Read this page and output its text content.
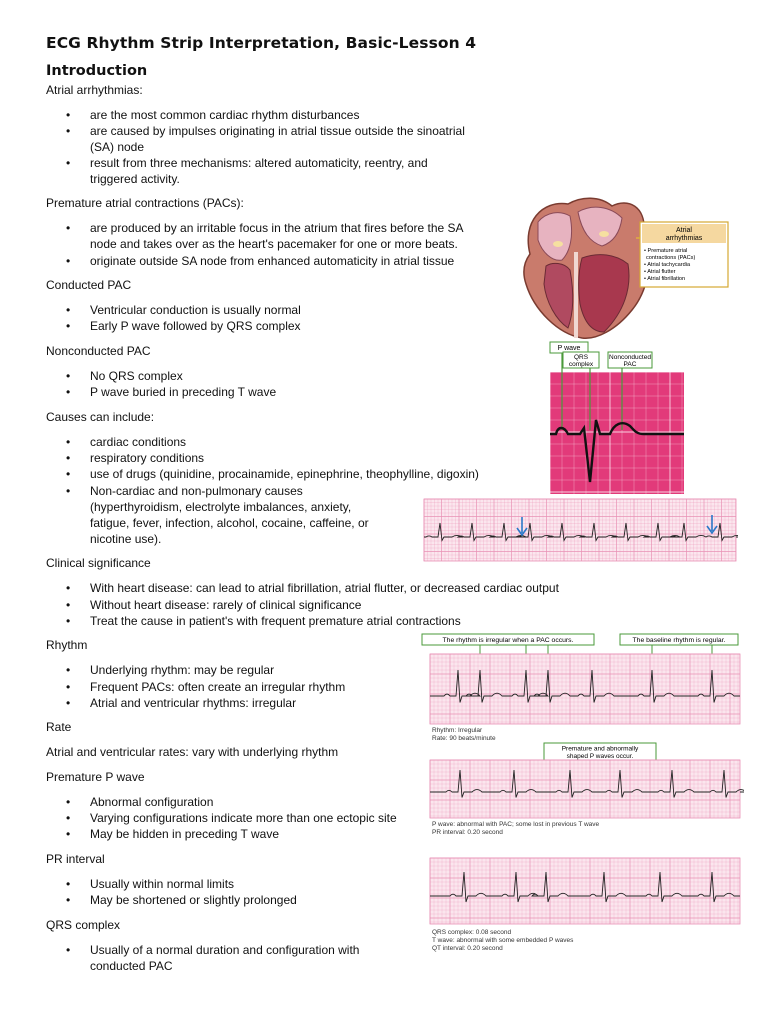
ECG Rhythm Strip Interpretation, Basic-Lesson 4
Introduction
Atrial arrhythmias:
• are the most common cardiac rhythm disturbances
• are caused by impulses originating in atrial tissue outside the sinoatrial
(SA) node
• result from three mechanisms: altered automaticity, reentry, and
triggered activity.
Premature atrial contractions (PACs):
• are produced by an irritable focus in the atrium that fires before the SA
node and takes over as the heart's pacemaker for one or more beats.
• originate outside SA node from enhanced automaticity in atrial tissue
Conducted PAC
• Ventricular conduction is usually normal
• Early P wave followed by QRS complex
Nonconducted PAC
• No QRS complex
• P wave buried in preceding T wave
Causes can include:
• cardiac conditions
• respiratory conditions
• use of drugs (quinidine, procainamide, epinephrine, theophylline, digoxin)
• Non-cardiac and non-pulmonary causes
(hyperthyroidism, electrolyte imbalances, anxiety,
fatigue, fever, infection, alcohol, cocaine, caffeine, or
nicotine use).
Clinical significance
• With heart disease: can lead to atrial fibrillation, atrial flutter, or decreased cardiac output
• Without heart disease: rarely of clinical significance
• Treat the cause in patient's with frequent premature atrial contractions
Rhythm
• Underlying rhythm: may be regular
• Frequent PACs: often create an irregular rhythm
• Atrial and ventricular rhythms: irregular
Rate
Atrial and ventricular rates: vary with underlying rhythm
Premature P wave
• Abnormal configuration
• Varying configurations indicate more than one ectopic site
• May be hidden in preceding T wave
PR interval
• Usually within normal limits
• May be shortened or slightly prolonged
QRS complex
• Usually of a normal duration and configuration with
conducted PAC
Atrial
arrhythmias
• Premature atrial
contractions (PACs)
• Atrial tachycardia
• Atrial flutter
• Atrial fibrillation
P wave
QRS
complex
Nonconducted
PAC
The rhythm is irregular when a PAC occurs.	The baseline rhythm is regular.
Rhythm: Irregular
Rate: 90 beats/minute
Premature and abnormally
shaped P waves occur.
P wave: abnormal with PAC; some lost in previous T wave
PR interval: 0.20 second
QRS complex: 0.08 second
T wave: abnormal with some embedded P waves
QT interval: 0.20 second
